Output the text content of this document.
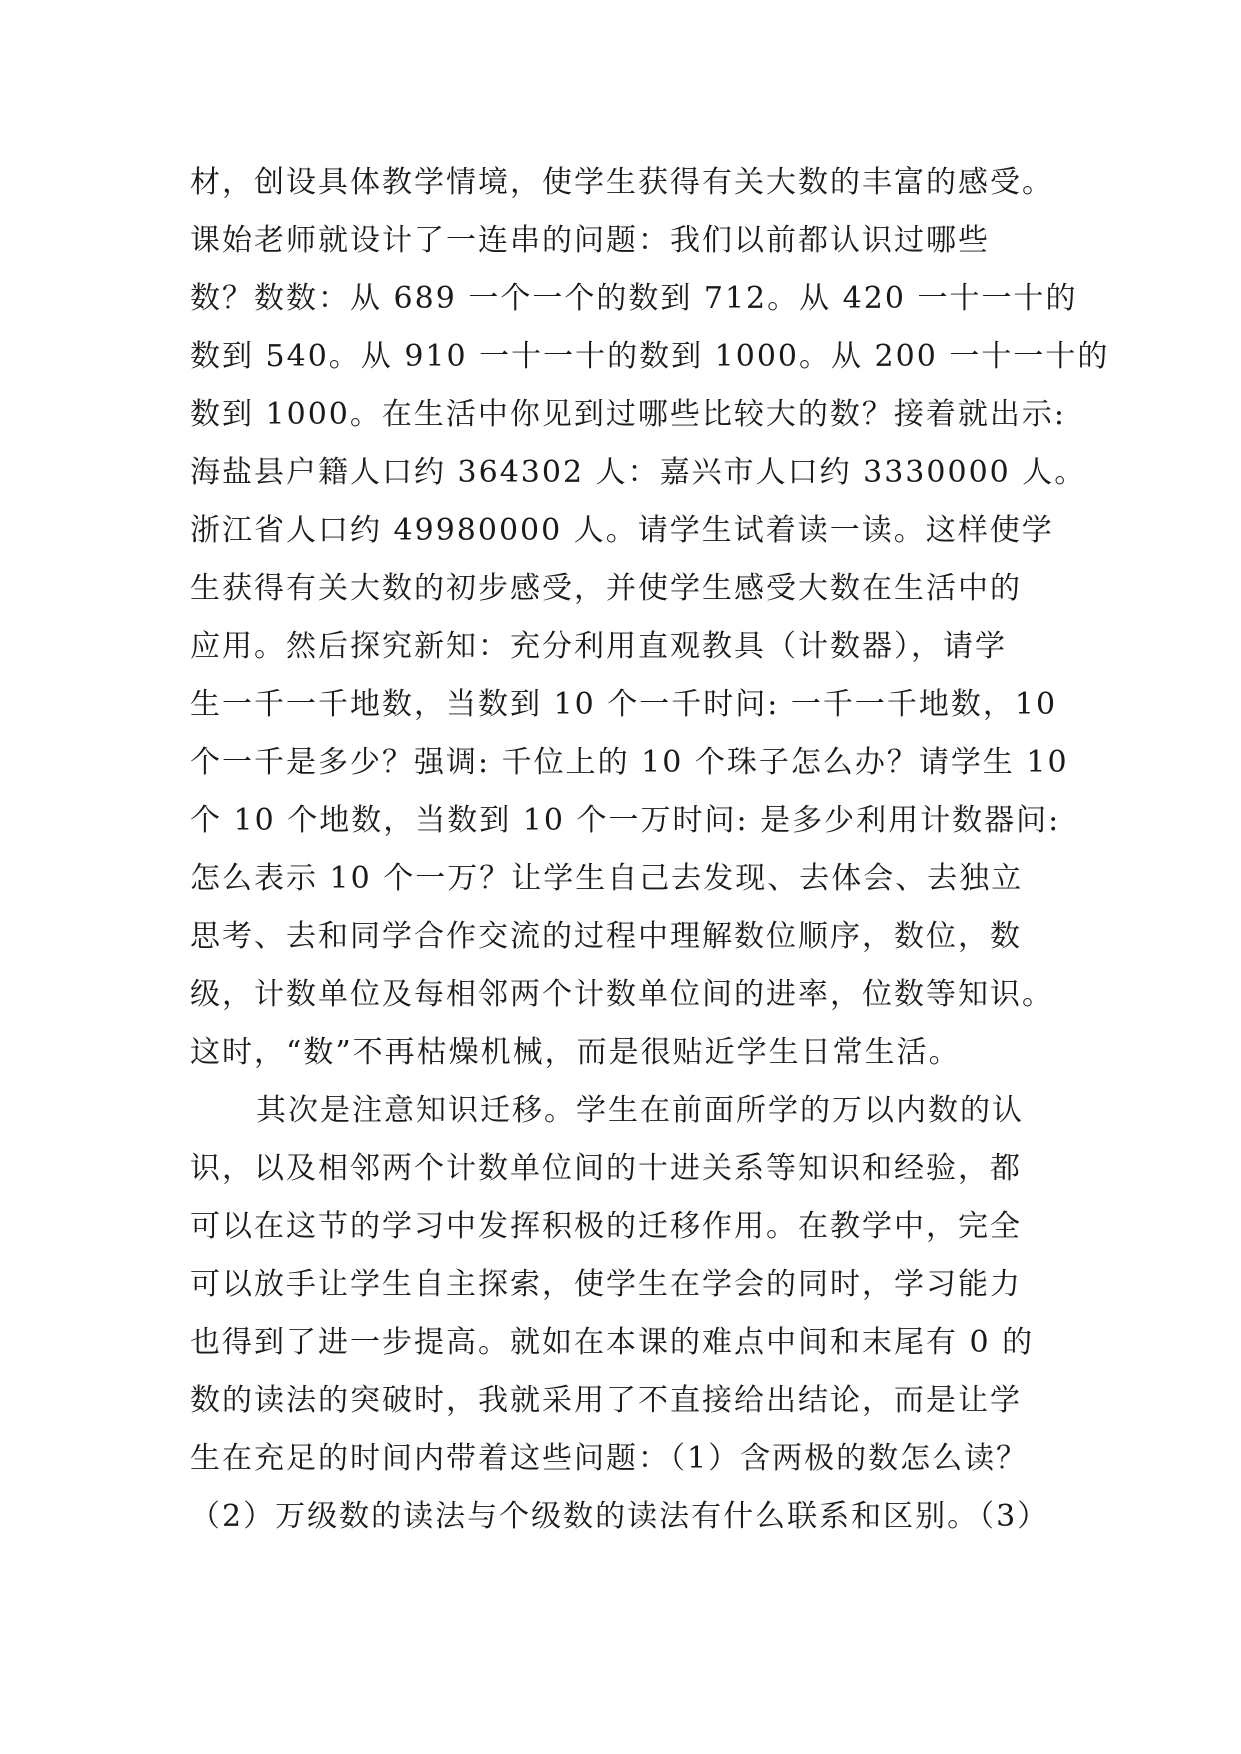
材，创设具体教学情境，使学生获得有关大数的丰富的感受。
课始老师就设计了一连串的问题：我们以前都认识过哪些
数？数数：从 689 一个一个的数到 712。从 420 一十一十的
数到 540。从 910 一十一十的数到 1000。从 200 一十一十的
数到 1000。在生活中你见到过哪些比较大的数？接着就出示:
海盐县户籍人口约 364302 人：嘉兴市人口约 3330000 人。
浙江省人口约 49980000 人。请学生试着读一读。这样使学
生获得有关大数的初步感受，并使学生感受大数在生活中的
应用。然后探究新知：充分利用直观教具（计数器），请学
生一千一千地数，当数到 10 个一千时问: 一千一千地数，10
个一千是多少？强调: 千位上的 10 个珠子怎么办？请学生 10
个 10 个地数，当数到 10 个一万时问: 是多少利用计数器问:
怎么表示 10 个一万？让学生自己去发现、去体会、去独立
思考、去和同学合作交流的过程中理解数位顺序，数位，数
级，计数单位及每相邻两个计数单位间的进率，位数等知识。
这时，“数”不再枯燥机械，而是很贴近学生日常生活。
其次是注意知识迁移。学生在前面所学的万以内数的认
识，以及相邻两个计数单位间的十进关系等知识和经验，都
可以在这节的学习中发挥积极的迁移作用。在教学中，完全
可以放手让学生自主探索，使学生在学会的同时，学习能力
也得到了进一步提高。就如在本课的难点中间和末尾有 0 的
数的读法的突破时，我就采用了不直接给出结论，而是让学
生在充足的时间内带着这些问题：（1）含两极的数怎么读？
（2）万级数的读法与个级数的读法有什么联系和区别。（3）
